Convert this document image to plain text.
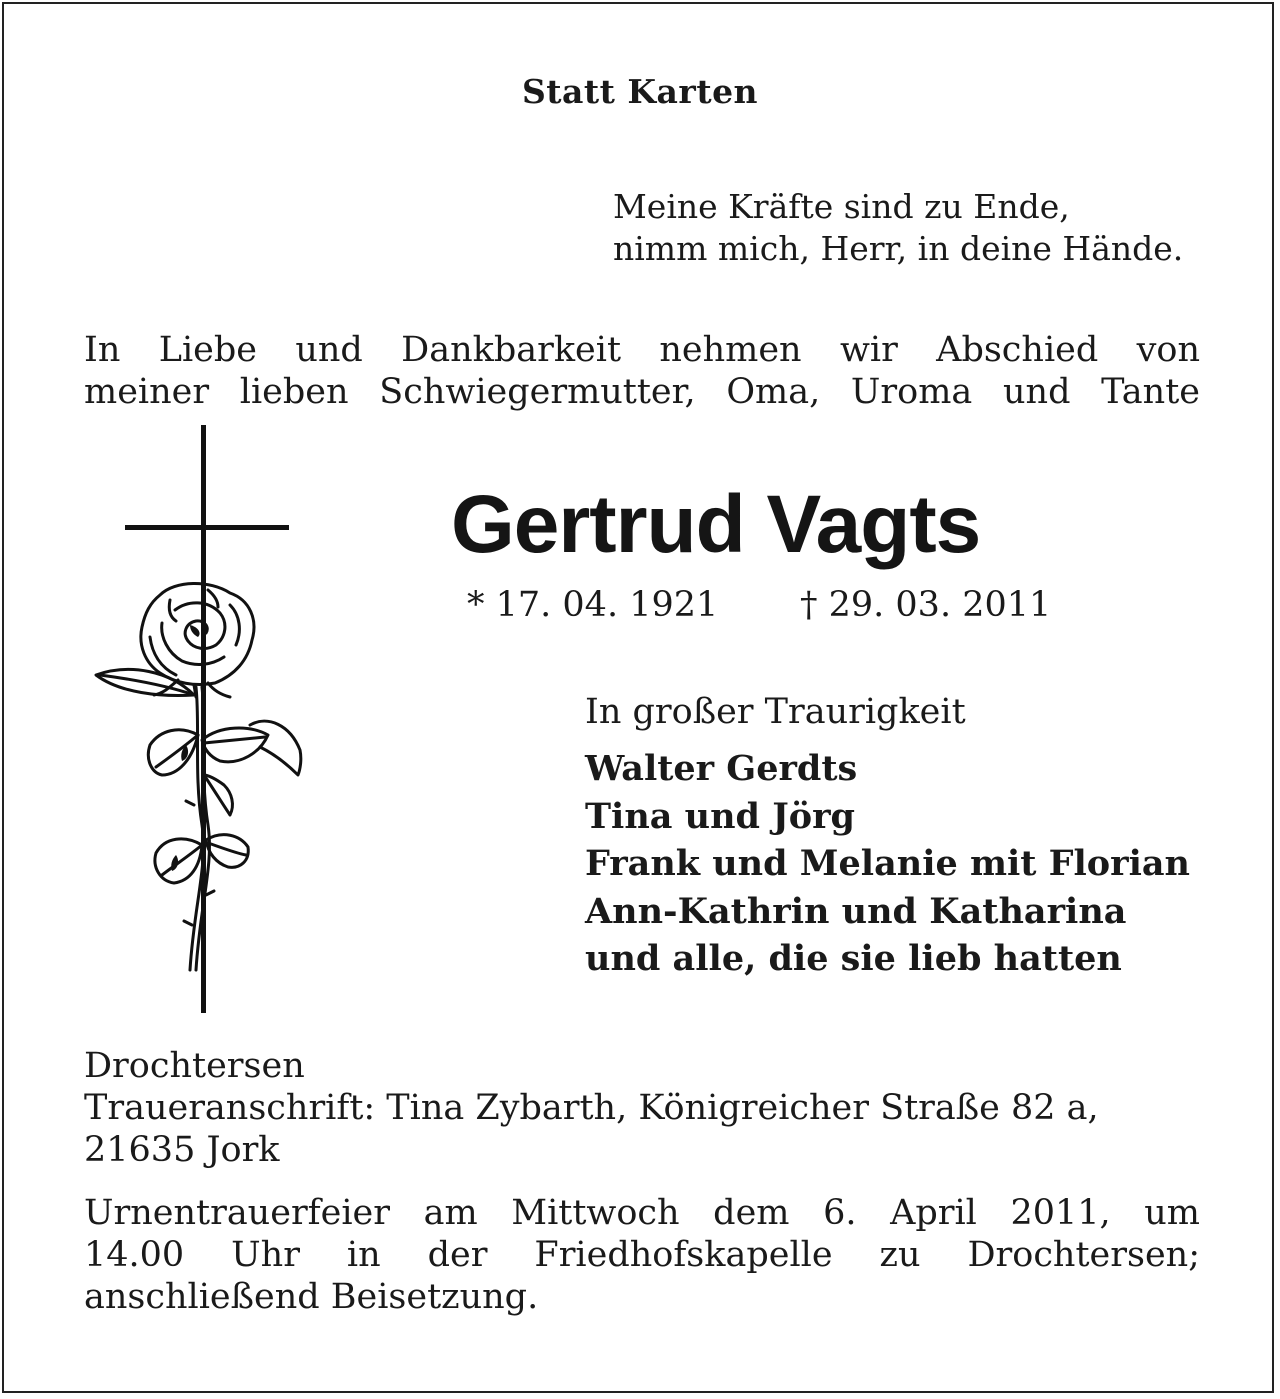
Statt Karten
Meine Kräfte sind zu Ende,
nimm mich, Herr, in deine Hände.
In Liebe und Dankbarkeit nehmen wir Abschied von
meiner lieben Schwiegermutter, Oma, Uroma und Tante
Gertrud Vagts
* 17. 04. 1921 † 29. 03. 2011
In großer Traurigkeit
Walter Gerdts
Tina und Jörg
Frank und Melanie mit Florian
Ann-Kathrin und Katharina
und alle, die sie lieb hatten
Drochtersen
Traueranschrift: Tina Zybarth, Königreicher Straße 82 a,
21635 Jork
Urnentrauerfeier am Mittwoch dem 6. April 2011, um
14.00 Uhr in der Friedhofskapelle zu Drochtersen;
anschließend Beisetzung.
